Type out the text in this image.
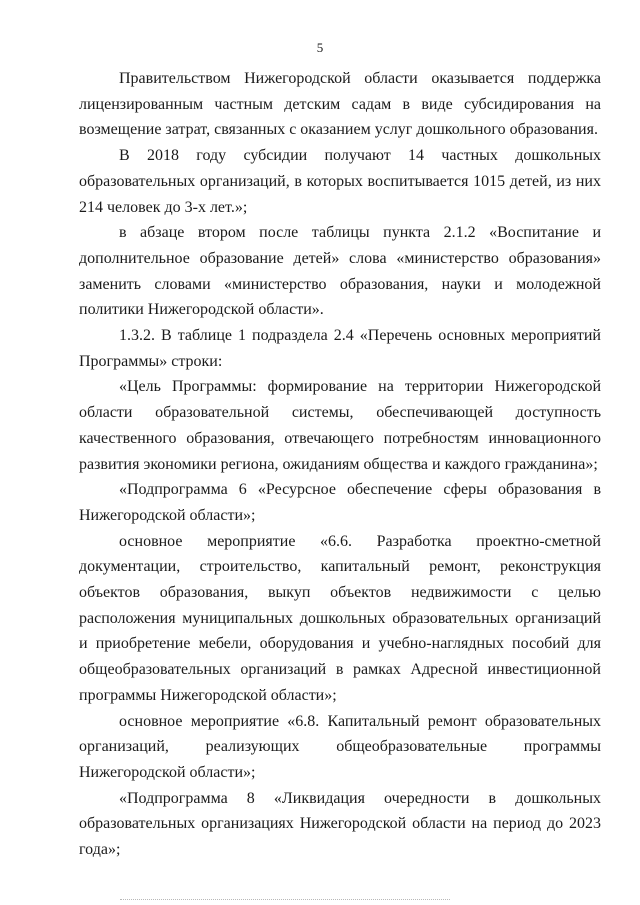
5

Правительством Нижегородской области оказывается поддержка лицензированным частным детским садам в виде субсидирования на возмещение затрат, связанных с оказанием услуг дошкольного образования.

В 2018 году субсидии получают 14 частных дошкольных образовательных организаций, в которых воспитывается 1015 детей, из них 214 человек до 3-х лет.»;

в абзаце втором после таблицы пункта 2.1.2 «Воспитание и дополнительное образование детей» слова «министерство образования» заменить словами «министерство образования, науки и молодежной политики Нижегородской области».

1.3.2. В таблице 1 подраздела 2.4 «Перечень основных мероприятий Программы» строки:

«Цель Программы: формирование на территории Нижегородской области образовательной системы, обеспечивающей доступность качественного образования, отвечающего потребностям инновационного развития экономики региона, ожиданиям общества и каждого гражданина»;

«Подпрограмма 6 «Ресурсное обеспечение сферы образования в Нижегородской области»;

основное мероприятие «6.6. Разработка проектно-сметной документации, строительство, капитальный ремонт, реконструкция объектов образования, выкуп объектов недвижимости с целью расположения муниципальных дошкольных образовательных организаций и приобретение мебели, оборудования и учебно-наглядных пособий для общеобразовательных организаций в рамках Адресной инвестиционной программы Нижегородской области»;

основное мероприятие «6.8. Капитальный ремонт образовательных организаций, реализующих общеобразовательные программы Нижегородской области»;

«Подпрограмма 8 «Ликвидация очередности в дошкольных образовательных организациях Нижегородской области на период до 2023 года»;
